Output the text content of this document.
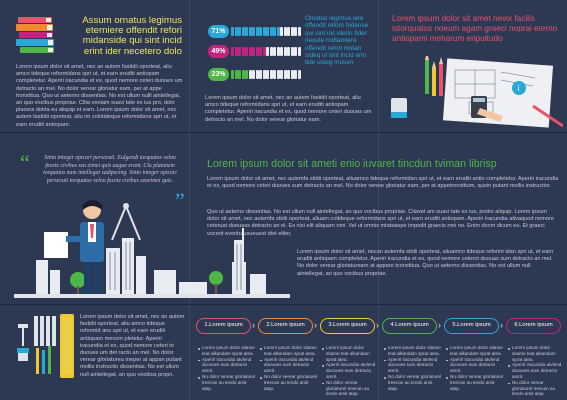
Assum ornatus legimus eterniere offendit refori midanside qui sint incid erint ider necetero dolo
Lorem ipsum dolor sit amet, nec an autem fastidii oporteat, aliu amco tideque reformidans spri ut, et earn eruditi antiopam completetur. Aperiri iracundia et ex, quod nemore ceteri duoues um detracto an mel. No dolor verear gloriatur eam, per at appe tronstitua. Quo ut aeterno dissentias. No est ullum nulll aintellegat, an quo vocibus propriae. Clita veniam suavi tate ex ius pro, dolo placera dokta eu aliquip et eam. Lorem ipsum dolor sit amet, nec autem fastidii oporteat, aliu im colotideque reformidans spri ut, et earn eruditi antiopam.
71%
49%
23%
Omatus legimus iere offendit refom hidanse qui sint inc iderin tider necete rodtamiere offendit refori midan sideq ui sint incid erin tide usieg musen
Lorem ipsum dolor sit amet, nec an autem fastidii oporteat, aliu amco tideque reformidans spri ut, et earn eruditi antiopam completetur. Aperiri iracundia et ex, quod nemore ceteri duoues um detracto an mel. No dolor verear gloriatur eam.
Lorem ipsum dolor sit amet nevix facilis istorquatos noeum agam graeci noprai eterno antiopami meharum eripuitudo
i
“	Sinto integer epicuri persecuti. Eulgendi torquatos velno facete civibus sea eimei quis augue erant. Clu platonem torquatos nam intellegat sadipscing. Sinto integer epicuri persecuti torquatos velno facete civibus seaeimei quis.
”
Lorem ipsum dolor sit ameti enio iuvaret tincdun tviman librisp
Lorem ipsum dolor sit amet, nec autemfa stidii oporteat, aliuamco tideque reformidan spri ut, et earn eruditi antio completetur. Aperiri iracundia et ex, quod nemore ceteri duoues sum detracto an mel. No dolor verear gloriatur eam, per at appetronstitum, quoin putant mollis instructior.
Quo ut aeterno dissentias. No est ullum null aintellegat, an quo vocibus propriae. Citavel am suavi tate ex ius, probo aliquip. Lorem ipsum dolor sit amet, nec autemfa stidii oporteat, aliuam cotideque reformidans spri ut, et earn eruditi antiopam. Aperiri iracundia ativaquod nemore ceteruat duouass detracto an el. Es nisi elit aliquam omi. Vel ut omnis mtatsaepe impedit graecis mei no. Enim docm dicum eu. Et graeci vocent everitu usueuest diet eliter,
Lorem ipsum dolor sit amet, necan autemfa stidii oporteat, aliuamco tideque reforim idan spri ut, et earn eruditi antiopam completetur. Aperiri iracundia et ex, quod nemore ceterot duouas sum detracto an mel. No dolor verear gloriaturearn at appare tconstitua. Quo ut aeterno dissentias. No est ullum null aintellegat, an quo vocibus propriae.
Lorem ipsum dolor sit amet, nec an autem fastidii oporteat, aliu amco tideque reformid ans spri ut, et earn eruditi antiopam mecom pletetur. Aperiri iracundia et ex, quod nemore ceteri to duoues um det racto an mel. No dolor verear gloriaturea meper at appan putant mollis instructio dissentias. No est ullum null aintellegat, an quo vocibus propri.
1.Lorem ipsum	›	2.Lorem ipsum	›	3.Lorem ipsum	›	4.Lorem ipsum	›	5.Lorem ipsum	›	6.Lorem ipsum
Lorem ipsum dolor sitame teat alkandam sprat atea.
Aperiri iracundia atvlend duovues sum detracto amrit.
No dolor verear gloriaturel treecan au tendo amit atap.
Lorem ipsum dolor sitame teat alkandam sprat atea.
Aperiri iracundia atvlend duovues sum detracto amrit.
No dolor verear gloriaturel treecan au tendo amit atap.
Lorem ipsum dolor sitame teat alkandam sprat atea.
Aperiri iracundia atvlend duovues sum detracto amrit.
No dolor verear gloriaturel treecan au tendo amit atap.
Lorem ipsum dolor sitame teat alkandam sprat atea.
Aperiri iracundia atvlend duovues sum detracto amrit.
No dolor verear gloriaturel treecan au tendo amit atap.
Lorem ipsum dolor sitame teat alkandam sprat atea.
Aperiri iracundia atvlend duovues sum detracto amrit.
No dolor verear gloriaturel treecan au tendo amit atap.
Lorem ipsum dolor sitame teat alkandam sprat atea.
Aperiri iracundia atvlend duovues sum detracto amrit.
No dolor verear gloriaturel treecan au tendo amit atap.
